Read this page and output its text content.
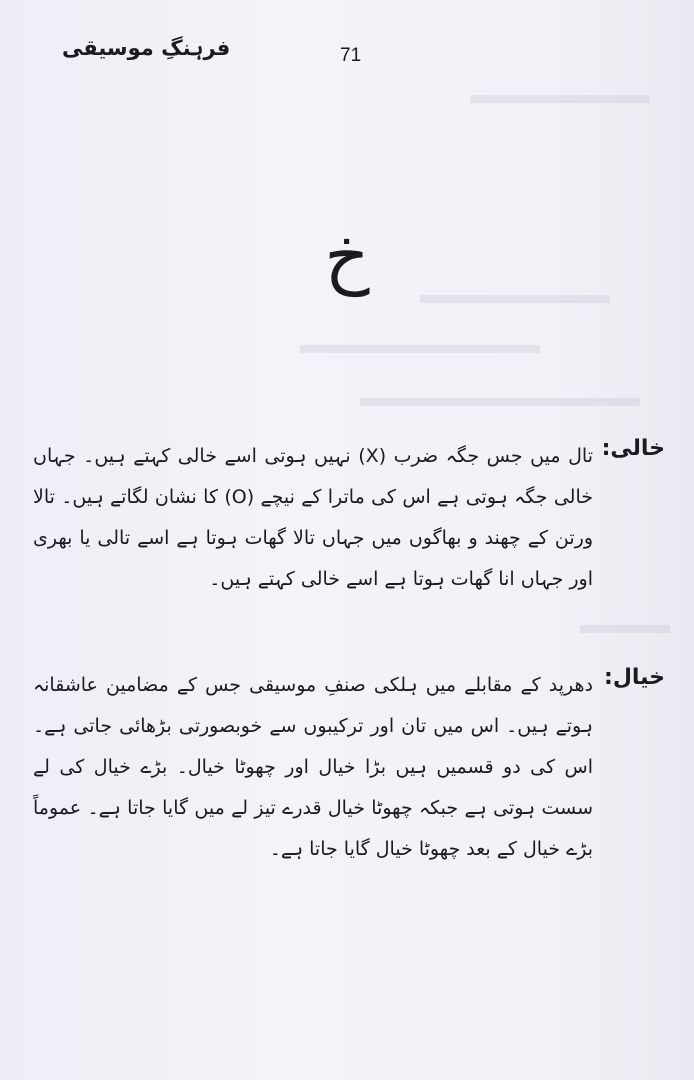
فرہنگِ موسیقی	71
خ
خالی:
تال میں جس جگہ ضرب (X) نہیں ہوتی اسے خالی کہتے ہیں۔ جہاں خالی جگہ ہوتی ہے اس کی ماترا کے نیچے (O) کا نشان لگاتے ہیں۔ تالا ورتن کے چھند و بھاگوں میں جہاں تالا گھات ہوتا ہے اسے تالی یا بھری اور جہاں انا گھات ہوتا ہے اسے خالی کہتے ہیں۔
خیال:
دھرپد کے مقابلے میں ہلکی صنفِ موسیقی جس کے مضامین عاشقانہ ہوتے ہیں۔ اس میں تان اور ترکیبوں سے خوبصورتی بڑھائی جاتی ہے۔ اس کی دو قسمیں ہیں بڑا خیال اور چھوٹا خیال۔ بڑے خیال کی لے سست ہوتی ہے جبکہ چھوٹا خیال قدرے تیز لے میں گایا جاتا ہے۔ عموماً بڑے خیال کے بعد چھوٹا خیال گایا جاتا ہے۔
